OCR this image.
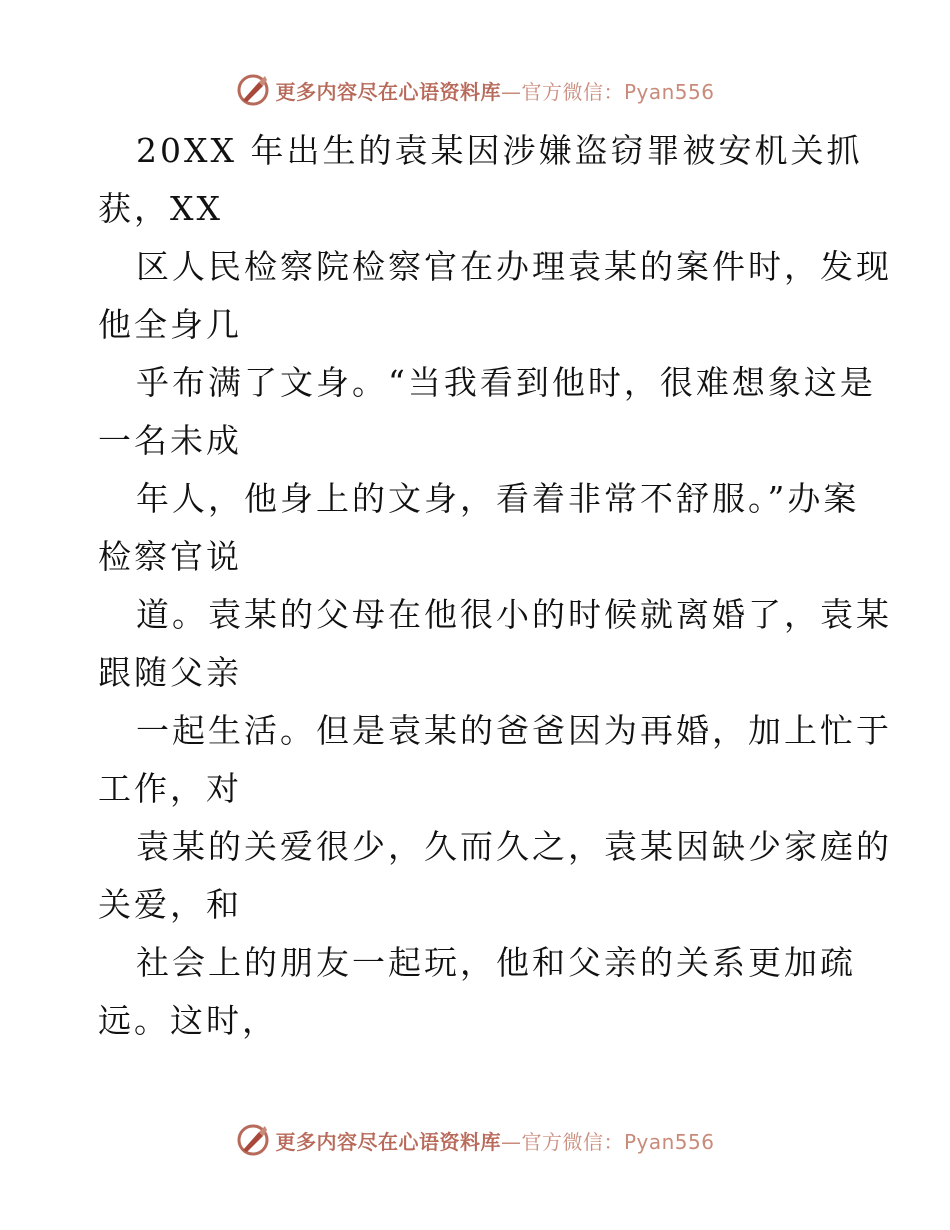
更多内容尽在心语资料库—官方微信：Pyan556
20XX 年出生的袁某因涉嫌盗窃罪被安机关抓
获，XX
区人民检察院检察官在办理袁某的案件时，发现
他全身几
乎布满了文身。“当我看到他时，很难想象这是
一名未成
年人，他身上的文身，看着非常不舒服。”办案
检察官说
道。袁某的父母在他很小的时候就离婚了，袁某
跟随父亲
一起生活。但是袁某的爸爸因为再婚，加上忙于
工作，对
袁某的关爱很少，久而久之，袁某因缺少家庭的
关爱，和
社会上的朋友一起玩，他和父亲的关系更加疏
远。这时，
更多内容尽在心语资料库—官方微信：Pyan556
